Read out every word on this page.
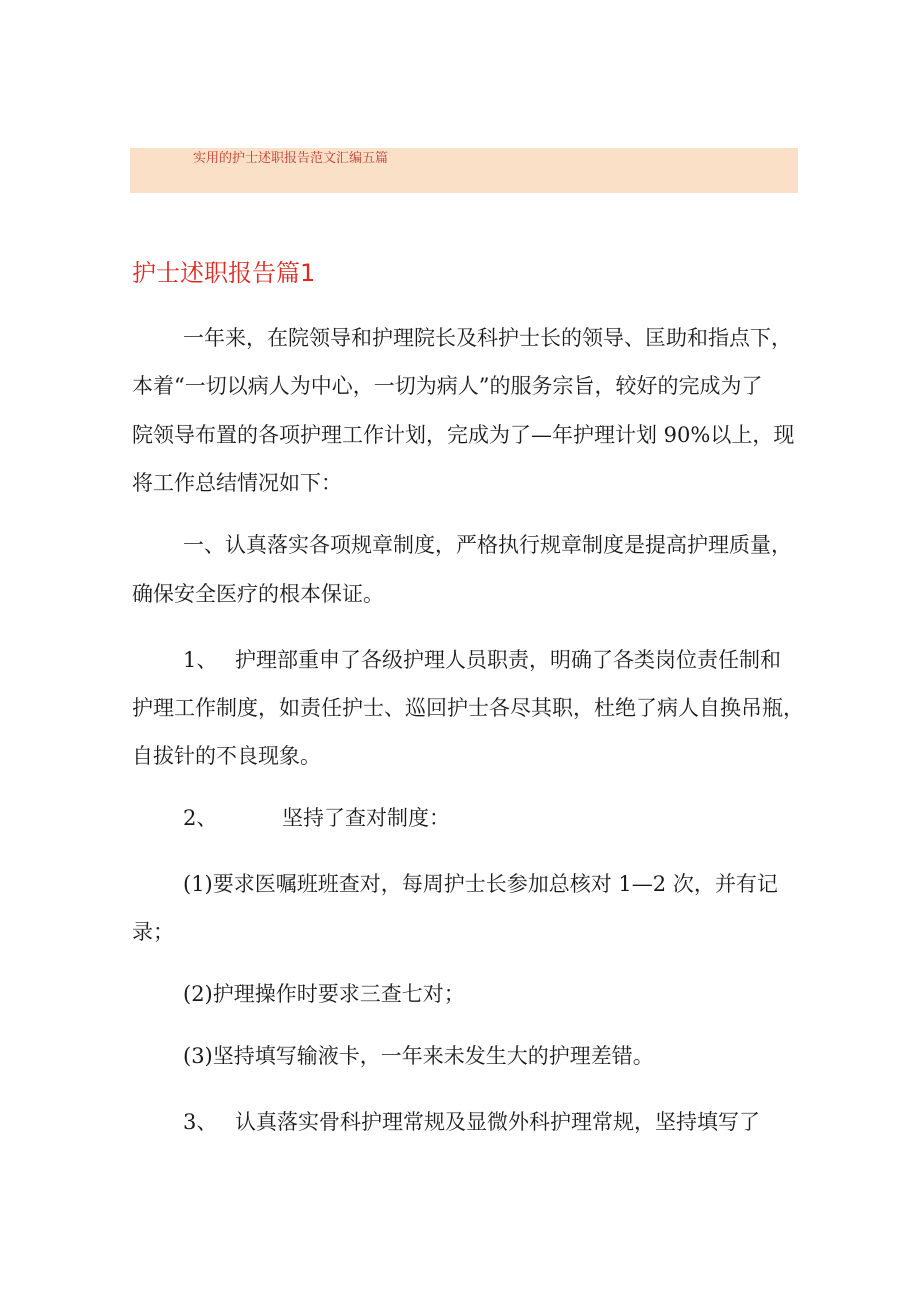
实用的护士述职报告范文汇编五篇
护士述职报告篇1
一年来，在院领导和护理院长及科护士长的领导、匡助和指点下，
本着“一切以病人为中心，一切为病人”的服务宗旨，较好的完成为了
院领导布置的各项护理工作计划，完成为了—年护理计划 90%以上，现
将工作总结情况如下：
一、认真落实各项规章制度，严格执行规章制度是提高护理质量，
确保安全医疗的根本保证。
1、 护理部重申了各级护理人员职责，明确了各类岗位责任制和
护理工作制度，如责任护士、巡回护士各尽其职，杜绝了病人自换吊瓶，
自拔针的不良现象。
2、	坚持了查对制度：
(1)要求医嘱班班查对，每周护士长参加总核对 1—2 次，并有记
录；
(2)护理操作时要求三查七对；
(3)坚持填写输液卡，一年来未发生大的护理差错。
3、 认真落实骨科护理常规及显微外科护理常规，坚持填写了
